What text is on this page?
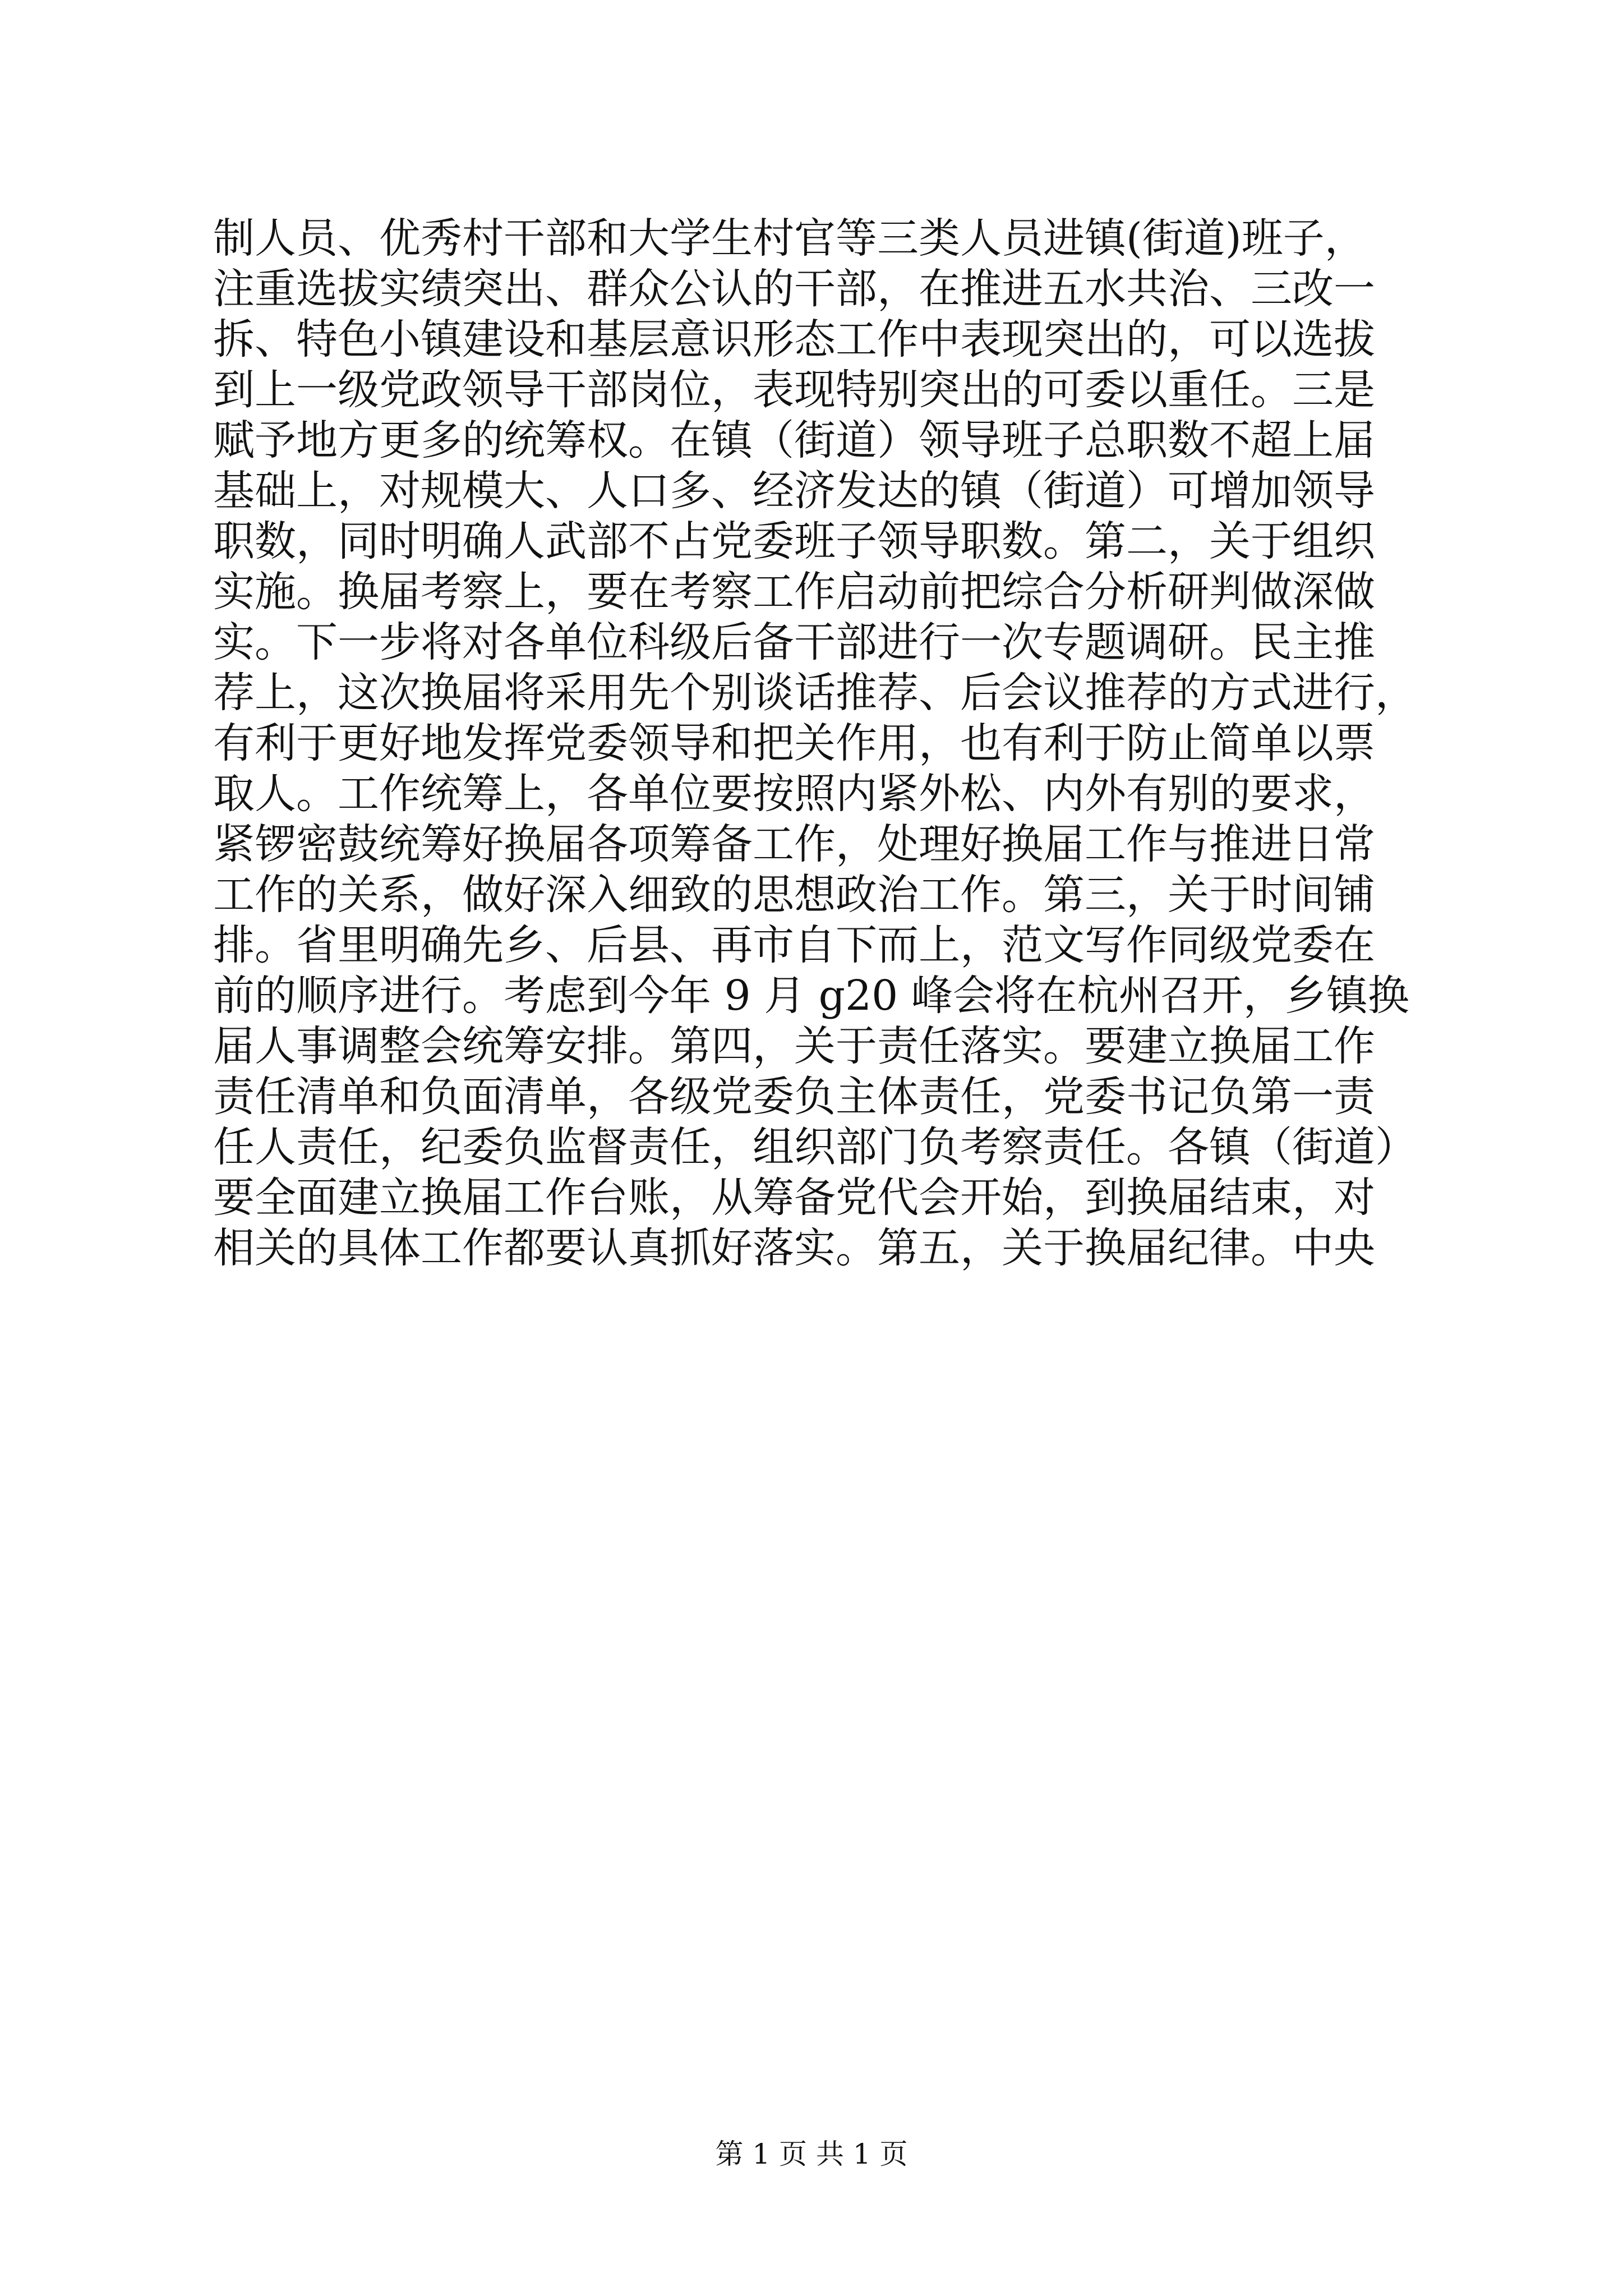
制人员、优秀村干部和大学生村官等三类人员进镇(街道)班子，
注重选拔实绩突出、群众公认的干部，在推进五水共治、三改一
拆、特色小镇建设和基层意识形态工作中表现突出的，可以选拔
到上一级党政领导干部岗位，表现特别突出的可委以重任。三是
赋予地方更多的统筹权。在镇（街道）领导班子总职数不超上届
基础上，对规模大、人口多、经济发达的镇（街道）可增加领导
职数，同时明确人武部不占党委班子领导职数。第二，关于组织
实施。换届考察上，要在考察工作启动前把综合分析研判做深做
实。下一步将对各单位科级后备干部进行一次专题调研。民主推
荐上，这次换届将采用先个别谈话推荐、后会议推荐的方式进行，
有利于更好地发挥党委领导和把关作用，也有利于防止简单以票
取人。工作统筹上，各单位要按照内紧外松、内外有别的要求，
紧锣密鼓统筹好换届各项筹备工作，处理好换届工作与推进日常
工作的关系，做好深入细致的思想政治工作。第三，关于时间铺
排。省里明确先乡、后县、再市自下而上，范文写作同级党委在
前的顺序进行。考虑到今年 9 月 g20 峰会将在杭州召开，乡镇换
届人事调整会统筹安排。第四，关于责任落实。要建立换届工作
责任清单和负面清单，各级党委负主体责任，党委书记负第一责
任人责任，纪委负监督责任，组织部门负考察责任。各镇（街道）
要全面建立换届工作台账，从筹备党代会开始，到换届结束，对
相关的具体工作都要认真抓好落实。第五，关于换届纪律。中央
第 1 页 共 1 页
